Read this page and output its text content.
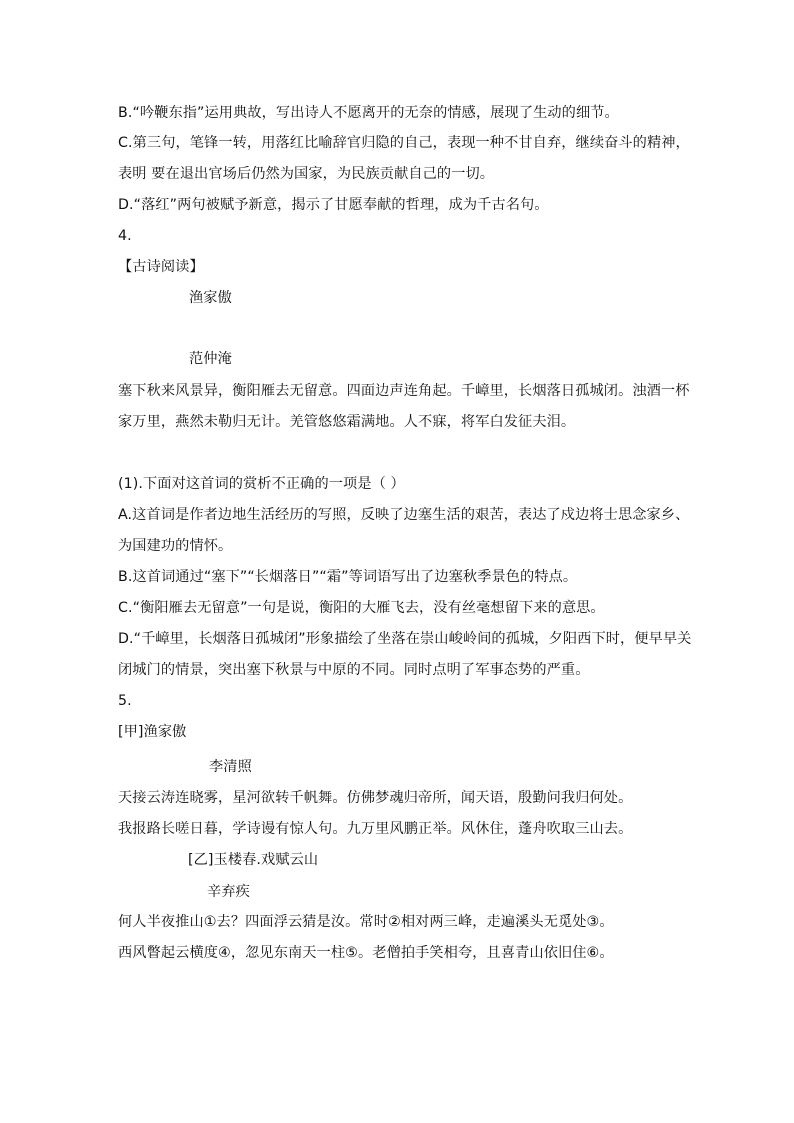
B.“吟鞭东指”运用典故，写出诗人不愿离开的无奈的情感，展现了生动的细节。
C.第三句，笔锋一转，用落红比喻辞官归隐的自己，表现一种不甘自弃，继续奋斗的精神，
表明 要在退出官场后仍然为国家，为民族贡献自己的一切。
D.“落红”两句被赋予新意，揭示了甘愿奉献的哲理，成为千古名句。
4.
【古诗阅读】
渔家傲
范仲淹
塞下秋来风景异，衡阳雁去无留意。四面边声连角起。千嶂里，长烟落日孤城闭。浊酒一杯
家万里，燕然未勒归无计。羌管悠悠霜满地。人不寐，将军白发征夫泪。
(1).下面对这首词的赏析不正确的一项是（ ）
A.这首词是作者边地生活经历的写照，反映了边塞生活的艰苦，表达了戍边将士思念家乡、
为国建功的情怀。
B.这首词通过“塞下”“长烟落日”“霜”等词语写出了边塞秋季景色的特点。
C.“衡阳雁去无留意”一句是说，衡阳的大雁飞去，没有丝毫想留下来的意思。
D.“千嶂里，长烟落日孤城闭”形象描绘了坐落在崇山峻岭间的孤城，夕阳西下时，便早早关
闭城门的情景，突出塞下秋景与中原的不同。同时点明了军事态势的严重。
5.
[甲]渔家傲
李清照
天接云涛连晓雾，星河欲转千帆舞。仿佛梦魂归帝所，闻天语，殷勤问我归何处。
我报路长嗟日暮，学诗谩有惊人句。九万里风鹏正举。风休住，蓬舟吹取三山去。
[乙]玉楼春.戏赋云山
辛弃疾
何人半夜推山①去？四面浮云猜是汝。常时②相对两三峰，走遍溪头无觅处③。
西风瞥起云横度④，忽见东南天一柱⑤。老僧拍手笑相夸，且喜青山依旧住⑥。
